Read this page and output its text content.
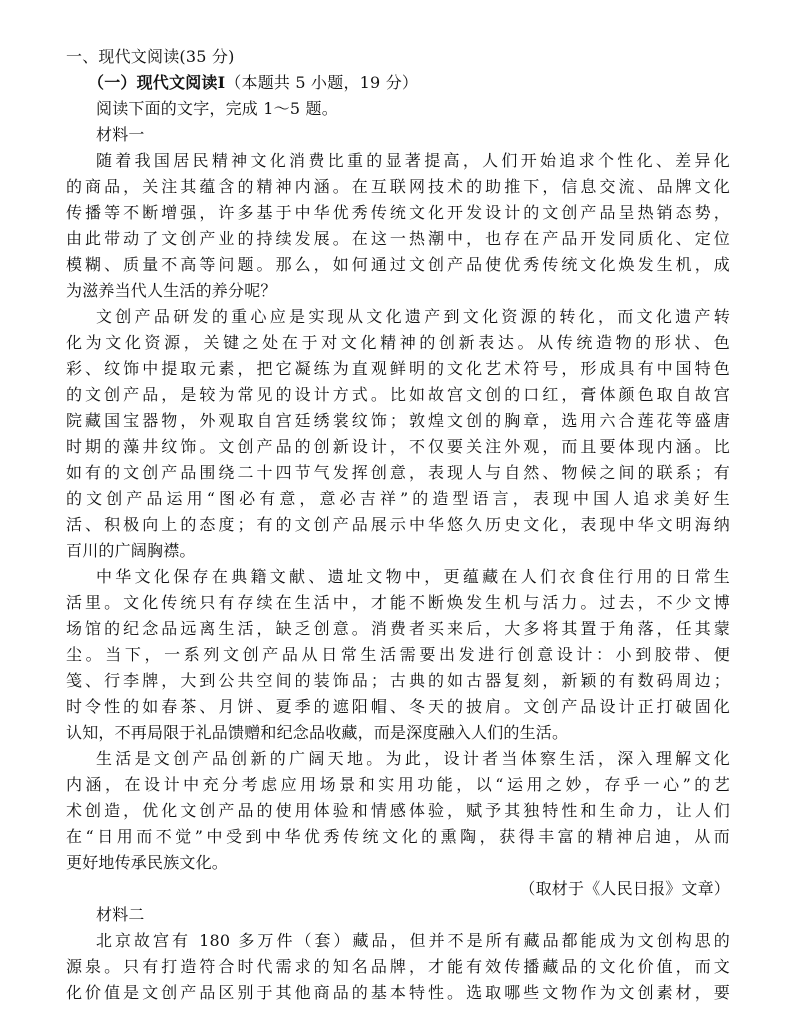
一、现代文阅读(35 分)
（一）现代文阅读Ⅰ（本题共 5 小题，19 分）
阅读下面的文字，完成 1～5 题。
材料一
随着我国居民精神文化消费比重的显著提高，人们开始追求个性化、差异化
的商品，关注其蕴含的精神内涵。在互联网技术的助推下，信息交流、品牌文化
传播等不断增强，许多基于中华优秀传统文化开发设计的文创产品呈热销态势，
由此带动了文创产业的持续发展。在这一热潮中，也存在产品开发同质化、定位
模糊、质量不高等问题。那么，如何通过文创产品使优秀传统文化焕发生机，成
为滋养当代人生活的养分呢？
文创产品研发的重心应是实现从文化遗产到文化资源的转化，而文化遗产转
化为文化资源，关键之处在于对文化精神的创新表达。从传统造物的形状、色
彩、纹饰中提取元素，把它凝练为直观鲜明的文化艺术符号，形成具有中国特色
的文创产品，是较为常见的设计方式。比如故宫文创的口红，膏体颜色取自故宫
院藏国宝器物，外观取自宫廷绣裳纹饰；敦煌文创的胸章，选用六合莲花等盛唐
时期的藻井纹饰。文创产品的创新设计，不仅要关注外观，而且要体现内涵。比
如有的文创产品围绕二十四节气发挥创意，表现人与自然、物候之间的联系；有
的文创产品运用“图必有意，意必吉祥”的造型语言，表现中国人追求美好生
活、积极向上的态度；有的文创产品展示中华悠久历史文化，表现中华文明海纳
百川的广阔胸襟。
中华文化保存在典籍文献、遗址文物中，更蕴藏在人们衣食住行用的日常生
活里。文化传统只有存续在生活中，才能不断焕发生机与活力。过去，不少文博
场馆的纪念品远离生活，缺乏创意。消费者买来后，大多将其置于角落，任其蒙
尘。当下，一系列文创产品从日常生活需要出发进行创意设计：小到胶带、便
笺、行李牌，大到公共空间的装饰品；古典的如古器复刻，新颖的有数码周边；
时令性的如春茶、月饼、夏季的遮阳帽、冬天的披肩。文创产品设计正打破固化
认知，不再局限于礼品馈赠和纪念品收藏，而是深度融入人们的生活。
生活是文创产品创新的广阔天地。为此，设计者当体察生活，深入理解文化
内涵，在设计中充分考虑应用场景和实用功能，以“运用之妙，存乎一心”的艺
术创造，优化文创产品的使用体验和情感体验，赋予其独特性和生命力，让人们
在“日用而不觉”中受到中华优秀传统文化的熏陶，获得丰富的精神启迪，从而
更好地传承民族文化。
（取材于《人民日报》文章）
材料二
北京故宫有 180 多万件（套）藏品，但并不是所有藏品都能成为文创构思的
源泉。只有打造符合时代需求的知名品牌，才能有效传播藏品的文化价值，而文
化价值是文创产品区别于其他商品的基本特性。选取哪些文物作为文创素材，要
